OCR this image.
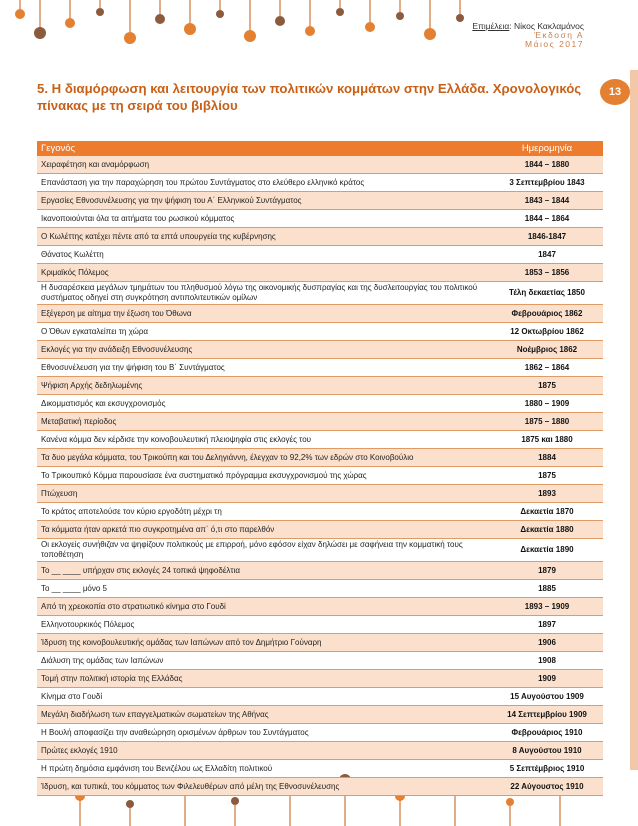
Επιμέλεια: Νίκος Κακλαμάνος
Έκδοση Α
Μάιος 2017
13
5. Η διαμόρφωση και λειτουργία των πολιτικών κομμάτων στην Ελλάδα. Χρονολογικός πίνακας με τη σειρά του βιβλίου
Γεγονός	Ημερομηνία
Χειραφέτηση και αναμόρφωση	1844 – 1880
Επανάσταση για την παραχώρηση του πρώτου Συντάγματος στο ελεύθερο ελληνικό κράτος	3 Σεπτεμβρίου 1843
Εργασίες Εθνοσυνέλευσης για την ψήφιση του Α΄ Ελληνικού Συντάγματος	1843 – 1844
Ικανοποιούνται όλα τα αιτήματα του ρωσικού κόμματος	1844 – 1864
Ο Κωλέττης κατέχει πέντε από τα επτά υπουργεία της κυβέρνησης	1846-1847
Θάνατος Κωλέττη	1847
Κριμαϊκός Πόλεμος	1853 – 1856
Η δυσαρέσκεια μεγάλων τμημάτων του πληθυσμού λόγω της οικονομικής δυσπραγίας και της δυσλειτουργίας του πολιτικού συστήματος οδηγεί στη συγκρότηση αντιπολιτευτικών ομίλων	Τέλη δεκαετίας 1850
Εξέγερση με αίτημα την έξωση του Όθωνα	Φεβρουάριος 1862
Ο Όθων εγκαταλείπει τη χώρα	12 Οκτωβρίου 1862
Εκλογές για την ανάδειξη Εθνοσυνέλευσης	Νοέμβριος 1862
Εθνοσυνέλευση για την ψήφιση του Β΄ Συντάγματος	1862 – 1864
Ψήφιση Αρχής δεδηλωμένης	1875
Δικομματισμός και εκσυγχρονισμός	1880 – 1909
Μεταβατική περίοδος	1875 – 1880
Κανένα κόμμα δεν κέρδισε την κοινοβουλευτική πλειοψηφία στις εκλογές του	1875 και 1880
Τα δυο μεγάλα κόμματα, του Τρικούπη και του Δεληγιάννη, έλεγχαν το 92,2% των εδρών στο Κοινοβούλιο	1884
Το Τρικουπικό Κόμμα παρουσίασε ένα συστηματικό πρόγραμμα εκσυγχρονισμού της χώρας	1875
Πτώχευση	1893
Το κράτος αποτελούσε τον κύριο εργοδότη μέχρι τη	Δεκαετία 1870
Τα κόμματα ήταν αρκετά πιο συγκροτημένα απ΄ ό,τι στο παρελθόν	Δεκαετία 1880
Οι εκλογείς συνήθιζαν να ψηφίζουν πολιτικούς με επιρροή, μόνο εφόσον είχαν δηλώσει με σαφήνεια την κομματική τους τοποθέτηση	Δεκαετία 1890
Το __ ____ υπήρχαν στις εκλογές 24 τοπικά ψηφοδέλτια	1879
Το __ ____ μόνο 5	1885
Από τη χρεοκοπία στο στρατιωτικό κίνημα στο Γουδί	1893 – 1909
Ελληνοτουρκικός Πόλεμος	1897
Ίδρυση της κοινοβουλευτικής ομάδας των Ιαπώνων από τον Δημήτριο Γούναρη	1906
Διάλυση της ομάδας των Ιαπώνων	1908
Τομή στην πολιτική ιστορία της Ελλάδας	1909
Κίνημα στο Γουδί	15 Αυγούστου 1909
Μεγάλη διαδήλωση των επαγγελματικών σωματείων της Αθήνας	14 Σεπτεμβρίου 1909
Η Βουλή αποφασίζει την αναθεώρηση ορισμένων άρθρων του Συντάγματος	Φεβρουάριος 1910
Πρώτες εκλογές 1910	8 Αυγούστου 1910
Η πρώτη δημόσια εμφάνιση του Βενιζέλου ως Ελλαδίτη πολιτικού	5 Σεπτέμβριος 1910
Ίδρυση, και τυπικά, του κόμματος των Φιλελευθέρων από μέλη της Εθνοσυνέλευσης	22 Αύγουστος 1910
